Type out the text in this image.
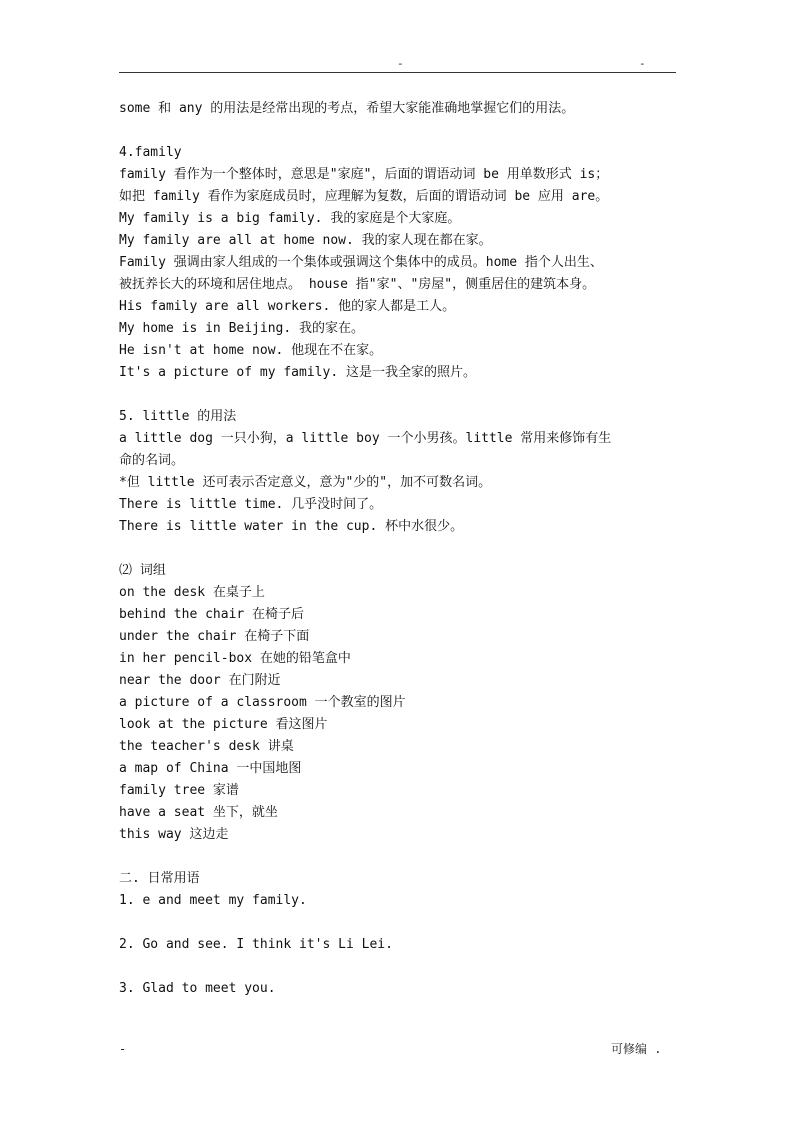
-	-
some 和 any 的用法是经常出现的考点，希望大家能准确地掌握它们的用法。
4.family
family 看作为一个整体时，意思是"家庭"，后面的谓语动词 be 用单数形式 is；
如把 family 看作为家庭成员时，应理解为复数，后面的谓语动词 be 应用 are。
My family is a big family. 我的家庭是个大家庭。
My family are all at home now. 我的家人现在都在家。
Family 强调由家人组成的一个集体或强调这个集体中的成员。home 指个人出生、
被抚养长大的环境和居住地点。 house 指"家"、"房屋"，侧重居住的建筑本身。
His family are all workers. 他的家人都是工人。
My home is in Beijing. 我的家在。
He isn't at home now. 他现在不在家。
It's a picture of my family. 这是一我全家的照片。
5. little 的用法
a little dog 一只小狗，a little boy 一个小男孩。little 常用来修饰有生
命的名词。
*但 little 还可表示否定意义，意为"少的"，加不可数名词。
There is little time. 几乎没时间了。
There is little water in the cup. 杯中水很少。
⑵ 词组
on the desk 在桌子上
behind the chair 在椅子后
under the chair 在椅子下面
in her pencil-box 在她的铅笔盒中
near the door 在门附近
a picture of a classroom 一个教室的图片
look at the picture 看这图片
the teacher's desk 讲桌
a map of China 一中国地图
family tree 家谱
have a seat 坐下，就坐
this way 这边走
二. 日常用语
1. e and meet my family.
2. Go and see. I think it's Li Lei.
3. Glad to meet you.
-	可修编 .
